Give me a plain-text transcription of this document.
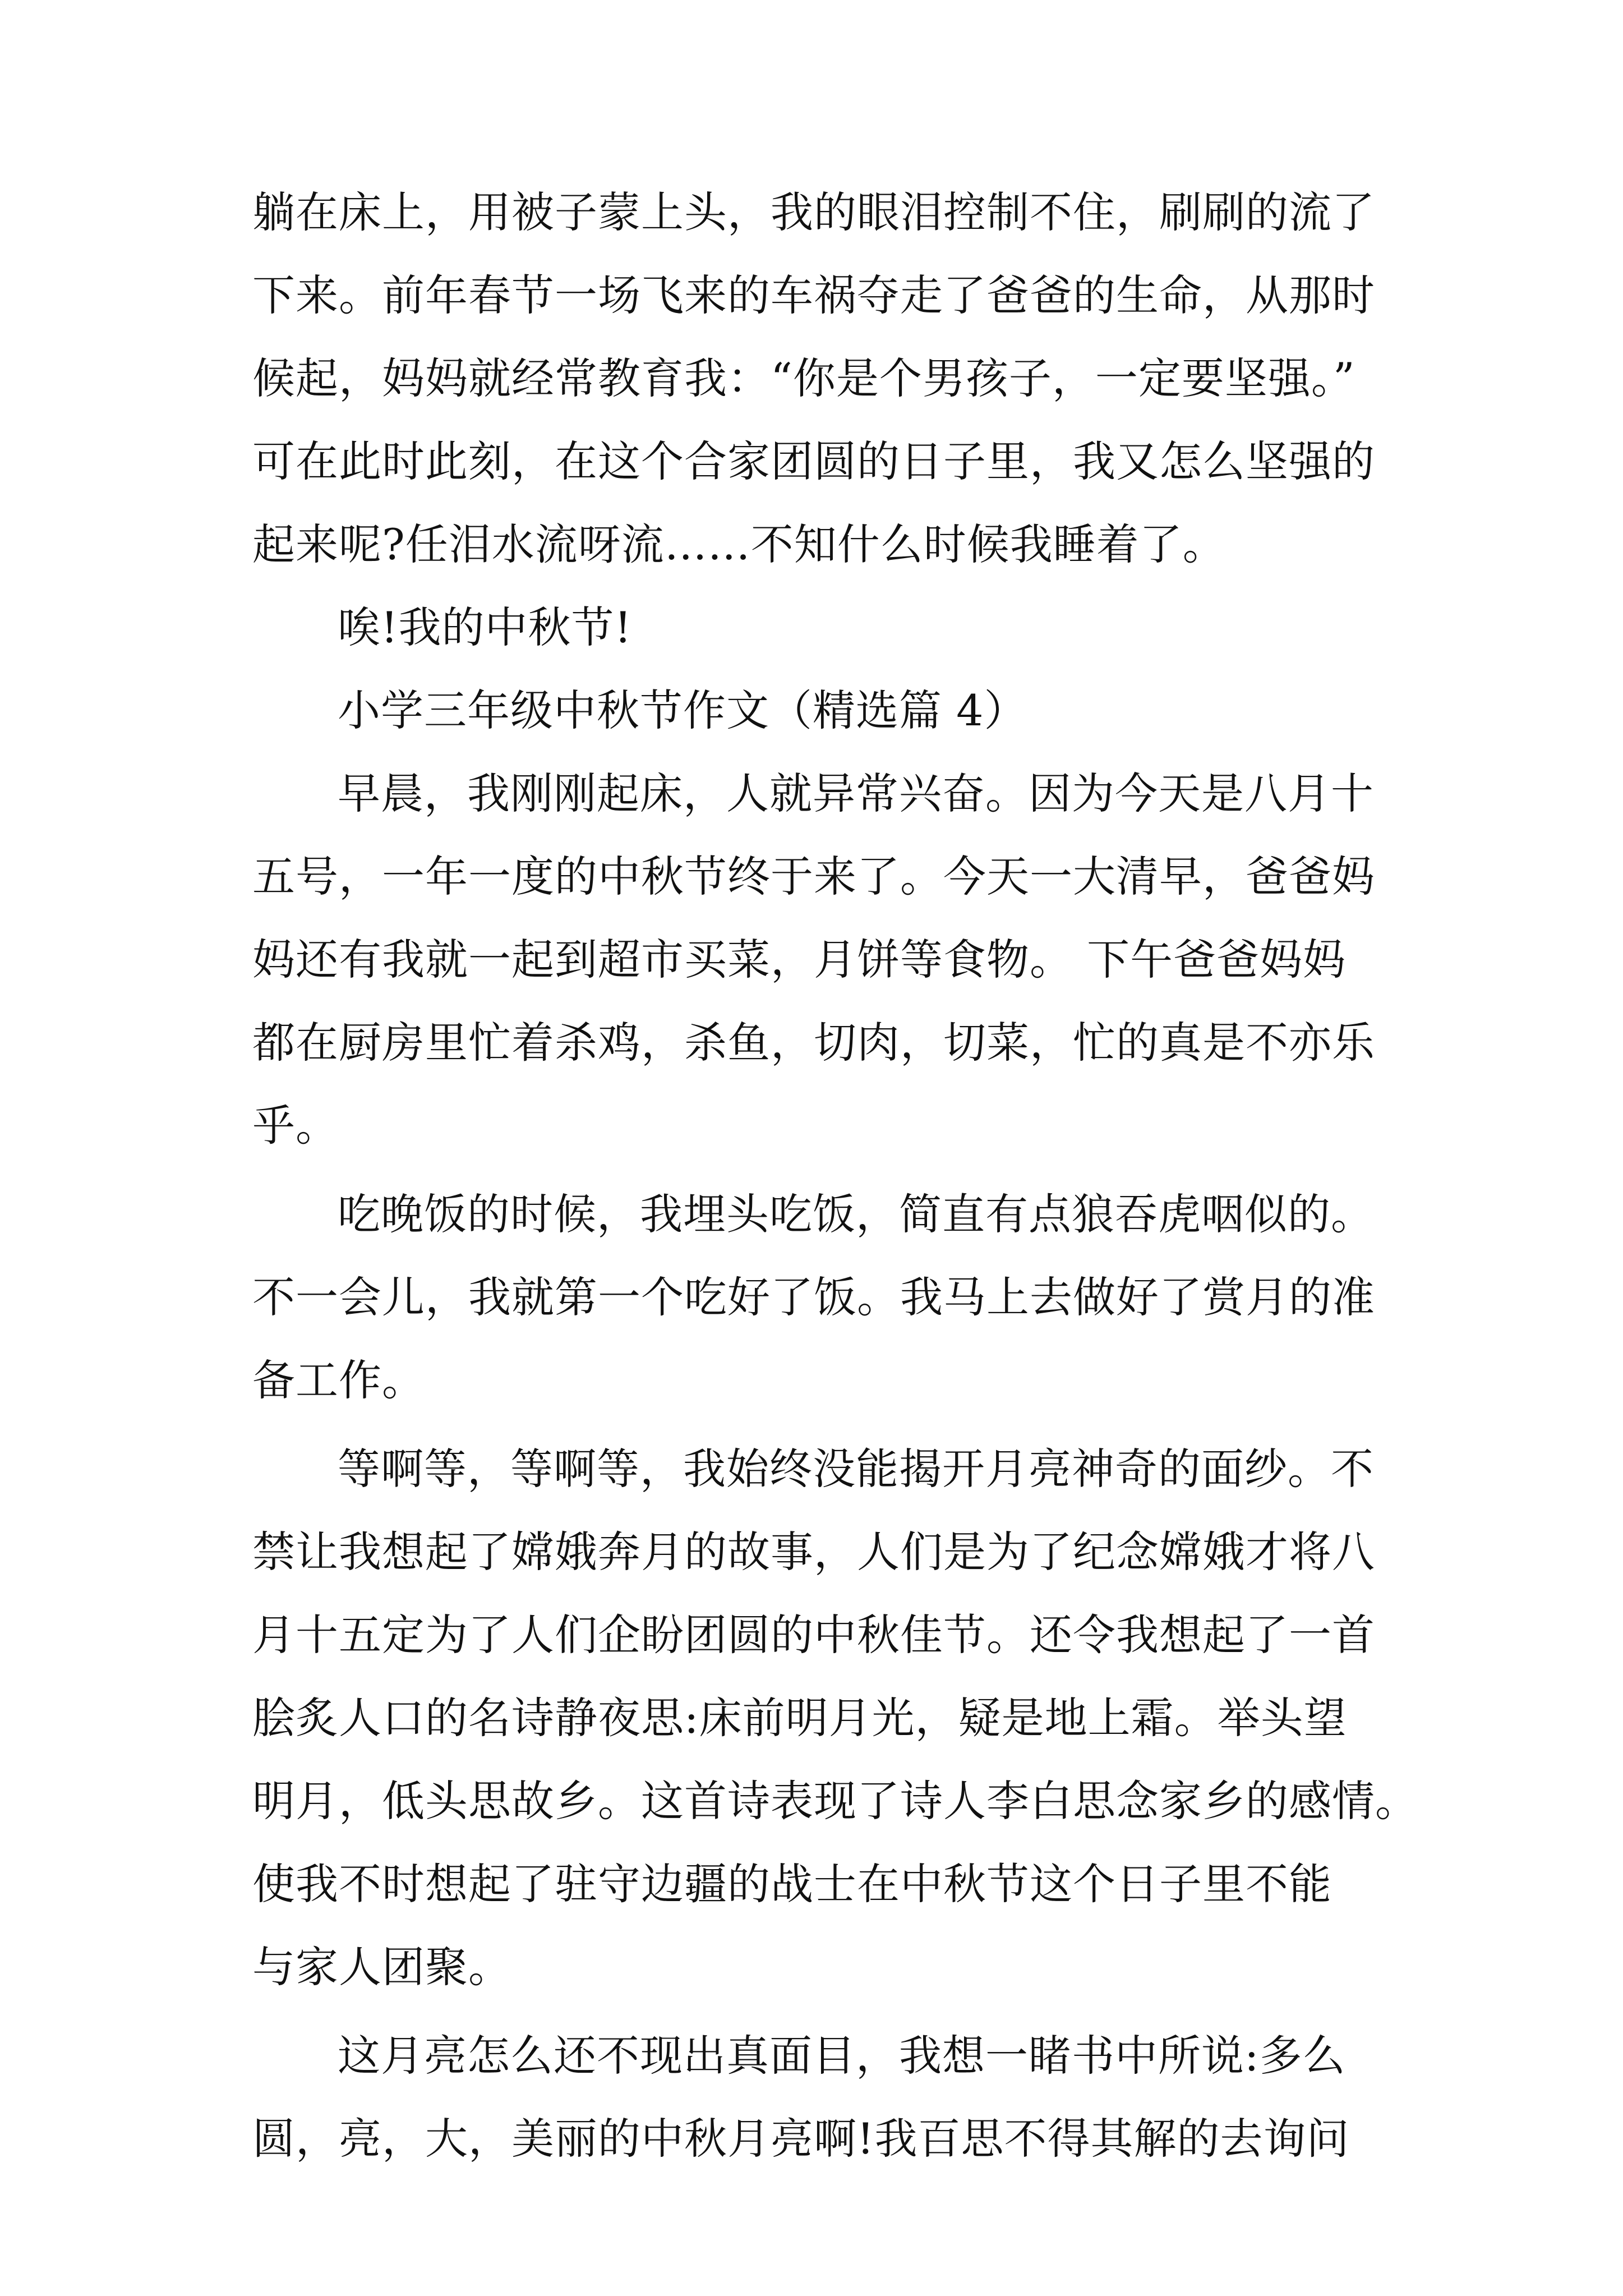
躺在床上，用被子蒙上头，我的眼泪控制不住，刷刷的流了
下来。前年春节一场飞来的车祸夺走了爸爸的生命，从那时
候起，妈妈就经常教育我：“你是个男孩子，一定要坚强。”
可在此时此刻，在这个合家团圆的日子里，我又怎么坚强的
起来呢?任泪水流呀流……不知什么时候我睡着了。
唉!我的中秋节!
小学三年级中秋节作文（精选篇 4）
早晨，我刚刚起床，人就异常兴奋。因为今天是八月十
五号，一年一度的中秋节终于来了。今天一大清早，爸爸妈
妈还有我就一起到超市买菜，月饼等食物。 下午爸爸妈妈
都在厨房里忙着杀鸡，杀鱼，切肉，切菜，忙的真是不亦乐
乎。
吃晚饭的时候，我埋头吃饭，简直有点狼吞虎咽似的。
不一会儿，我就第一个吃好了饭。我马上去做好了赏月的准
备工作。
等啊等，等啊等，我始终没能揭开月亮神奇的面纱。不
禁让我想起了嫦娥奔月的故事，人们是为了纪念嫦娥才将八
月十五定为了人们企盼团圆的中秋佳节。还令我想起了一首
脍炙人口的名诗静夜思:床前明月光，疑是地上霜。举头望
明月，低头思故乡。这首诗表现了诗人李白思念家乡的感情。
使我不时想起了驻守边疆的战士在中秋节这个日子里不能
与家人团聚。
这月亮怎么还不现出真面目，我想一睹书中所说:多么
圆，亮，大，美丽的中秋月亮啊!我百思不得其解的去询问
